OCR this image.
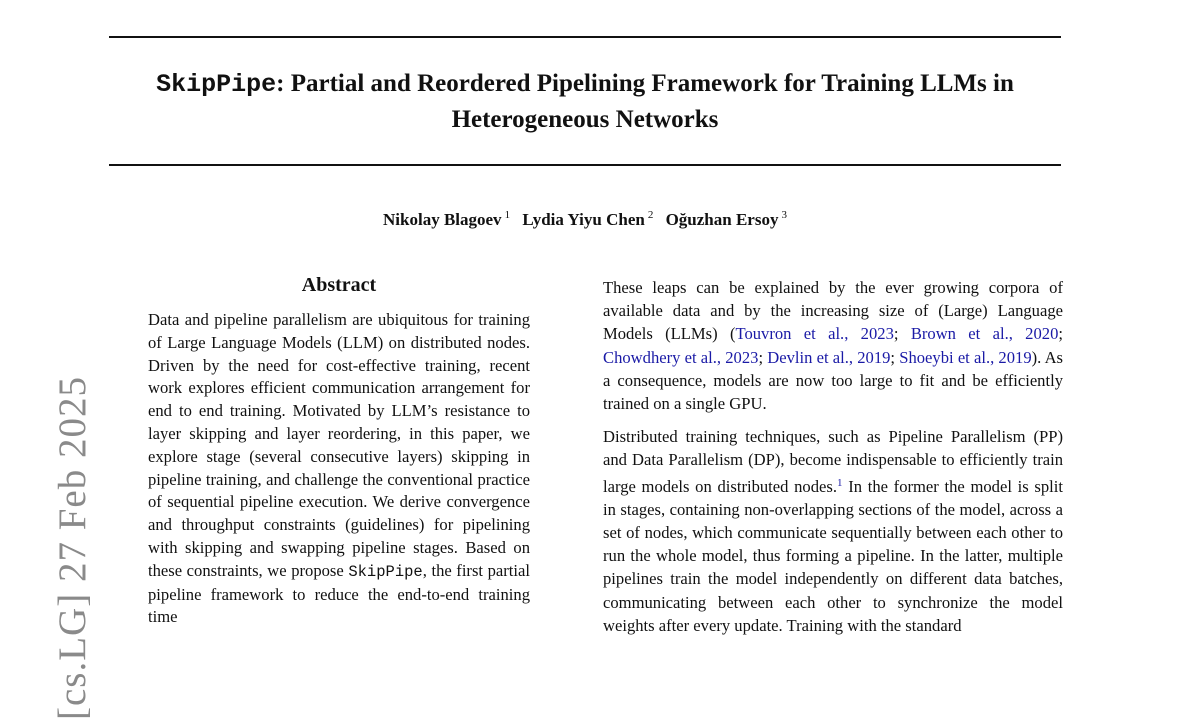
SkipPipe: Partial and Reordered Pipelining Framework for Training LLMs in Heterogeneous Networks
Nikolay Blagoev $^1$ Lydia Yiyu Chen $^2$ Oğuzhan Ersoy $^3$
[cs.LG] 27 Feb 2025
Abstract
Data and pipeline parallelism are ubiquitous for training of Large Language Models (LLM) on distributed nodes. Driven by the need for cost-effective training, recent work explores efficient communication arrangement for end to end training. Motivated by LLM’s resistance to layer skipping and layer reordering, in this paper, we explore stage (several consecutive layers) skipping in pipeline training, and challenge the conventional practice of sequential pipeline execution. We derive convergence and throughput constraints (guidelines) for pipelining with skipping and swapping pipeline stages. Based on these constraints, we propose SkipPipe, the first partial pipeline framework to reduce the end-to-end training time

These leaps can be explained by the ever growing corpora of available data and by the increasing size of (Large) Language Models (LLMs) (Touvron et al., 2023; Brown et al., 2020; Chowdhery et al., 2023; Devlin et al., 2019; Shoeybi et al., 2019). As a consequence, models are now too large to fit and be efficiently trained on a single GPU.

Distributed training techniques, such as Pipeline Parallelism (PP) and Data Parallelism (DP), become indispensable to efficiently train large models on distributed nodes.$^1$ In the former the model is split in stages, containing non-overlapping sections of the model, across a set of nodes, which communicate sequentially between each other to run the whole model, thus forming a pipeline. In the latter, multiple pipelines train the model independently on different data batches, communicating between each other to synchronize the model weights after every update. Training with the standard
